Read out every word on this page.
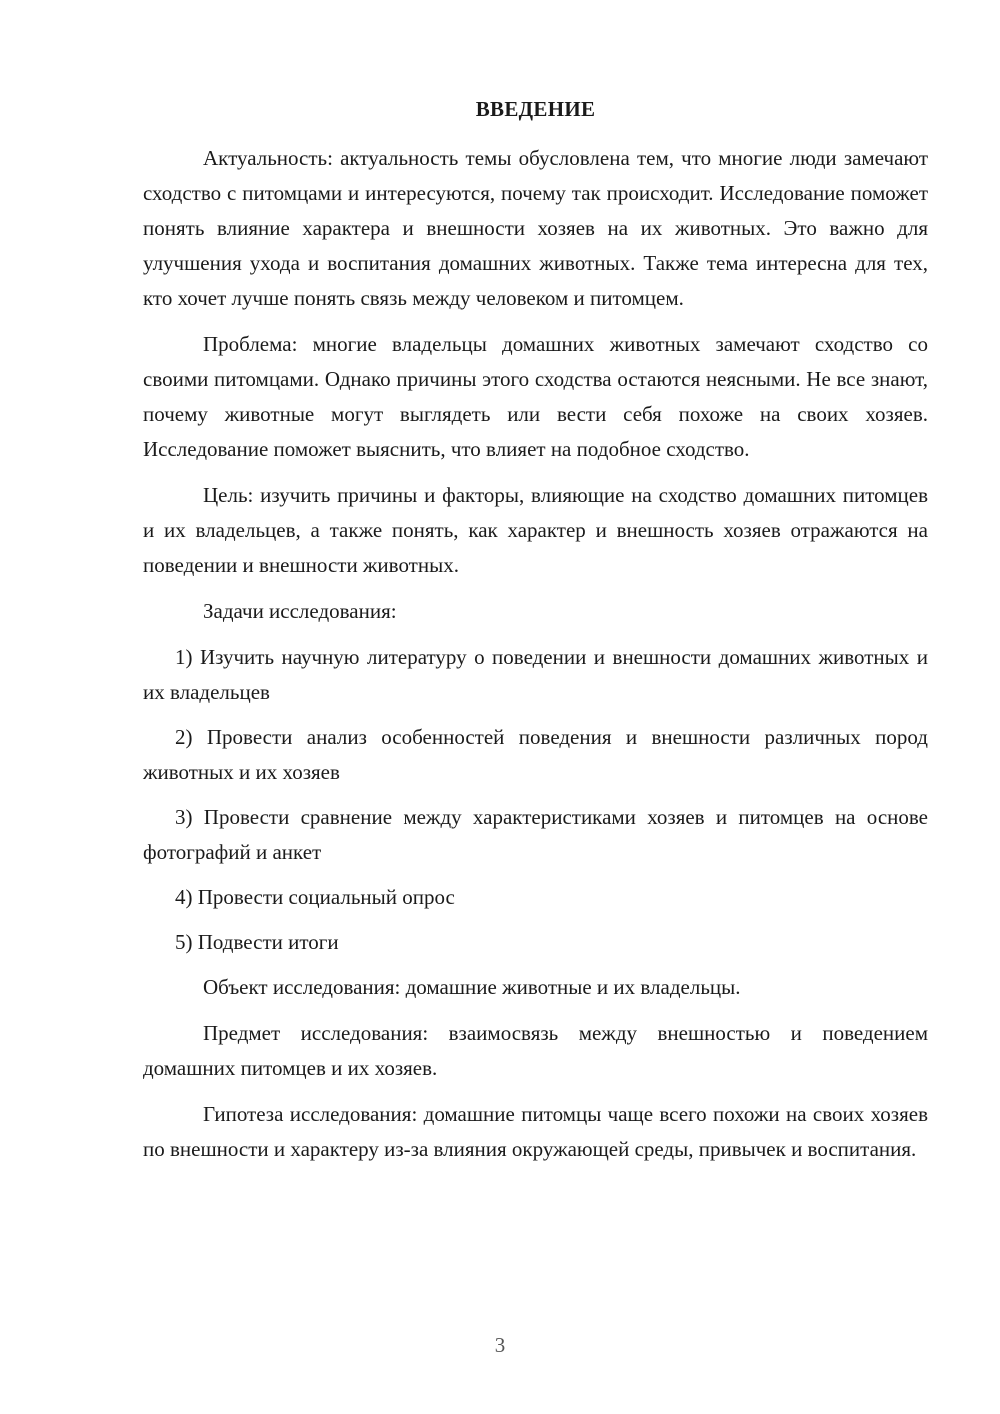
ВВЕДЕНИЕ

Актуальность: актуальность темы обусловлена тем, что многие люди замечают сходство с питомцами и интересуются, почему так происходит. Исследование поможет понять влияние характера и внешности хозяев на их животных. Это важно для улучшения ухода и воспитания домашних животных. Также тема интересна для тех, кто хочет лучше понять связь между человеком и питомцем.

Проблема: многие владельцы домашних животных замечают сходство со своими питомцами. Однако причины этого сходства остаются неясными. Не все знают, почему животные могут выглядеть или вести себя похоже на своих хозяев. Исследование поможет выяснить, что влияет на подобное сходство.

Цель: изучить причины и факторы, влияющие на сходство домашних питомцев и их владельцев, а также понять, как характер и внешность хозяев отражаются на поведении и внешности животных.

Задачи исследования:

1) Изучить научную литературу о поведении и внешности домашних животных и их владельцев

2) Провести анализ особенностей поведения и внешности различных пород животных и их хозяев

3) Провести сравнение между характеристиками хозяев и питомцев на основе фотографий и анкет

4) Провести социальный опрос

5) Подвести итоги

Объект исследования: домашние животные и их владельцы.

Предмет исследования: взаимосвязь между внешностью и поведением домашних питомцев и их хозяев.

Гипотеза исследования: домашние питомцы чаще всего похожи на своих хозяев по внешности и характеру из-за влияния окружающей среды, привычек и воспитания.

3
